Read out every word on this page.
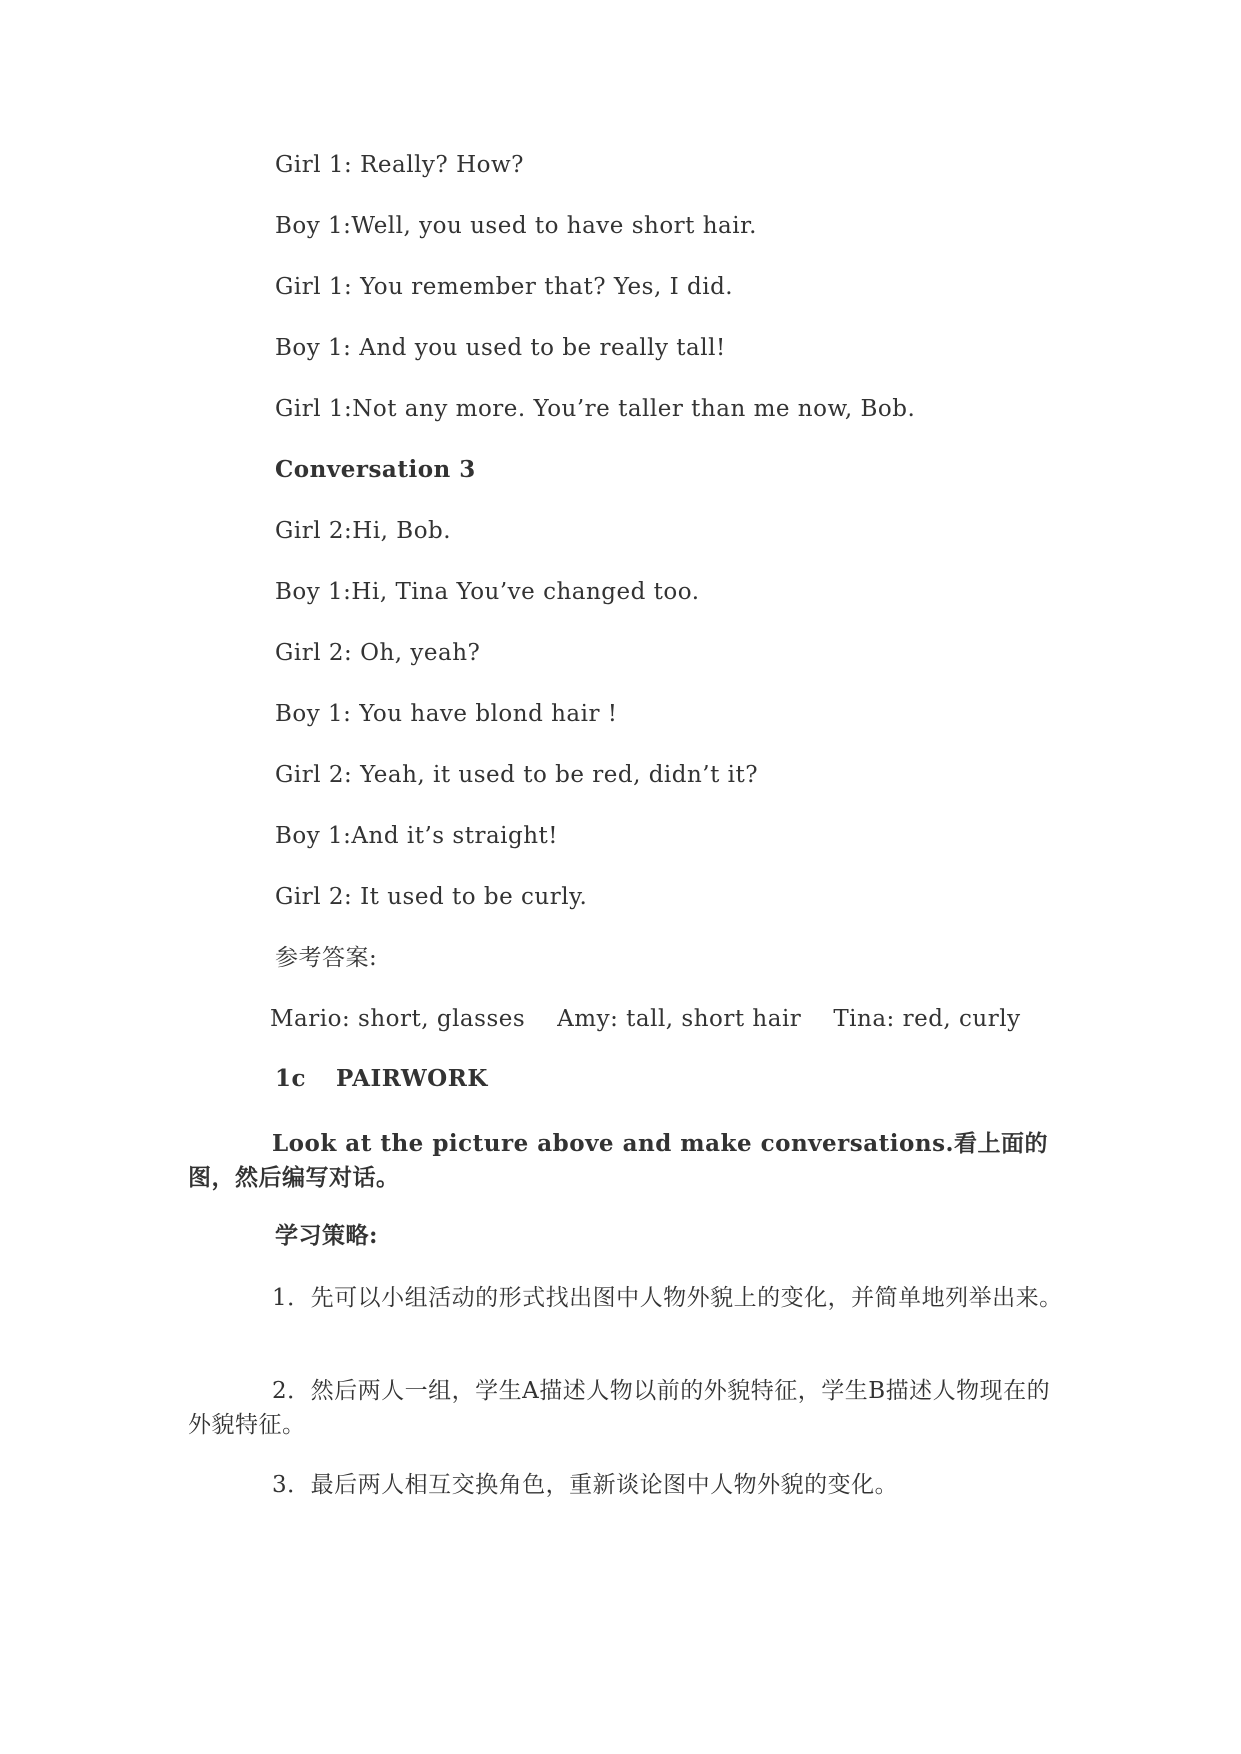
Girl 1: Really? How?

Boy 1:Well, you used to have short hair.

Girl 1: You remember that? Yes, I did.

Boy 1: And you used to be really tall!

Girl 1:Not any more. You’re taller than me now, Bob.

Conversation 3

Girl 2:Hi, Bob.

Boy 1:Hi, Tina You’ve changed too.

Girl 2: Oh, yeah?

Boy 1: You have blond hair !

Girl 2: Yeah, it used to be red, didn’t it?

Boy 1:And it’s straight!

Girl 2: It used to be curly.

参考答案:

Mario: short, glasses Amy: tall, short hair Tina: red, curly

1c PAIRWORK

Look at the picture above and make conversations.看上面的图，然后编写对话。

学习策略:

1．先可以小组活动的形式找出图中人物外貌上的变化，并简单地列举出来。

2．然后两人一组，学生A描述人物以前的外貌特征，学生B描述人物现在的外貌特征。

3．最后两人相互交换角色，重新谈论图中人物外貌的变化。
